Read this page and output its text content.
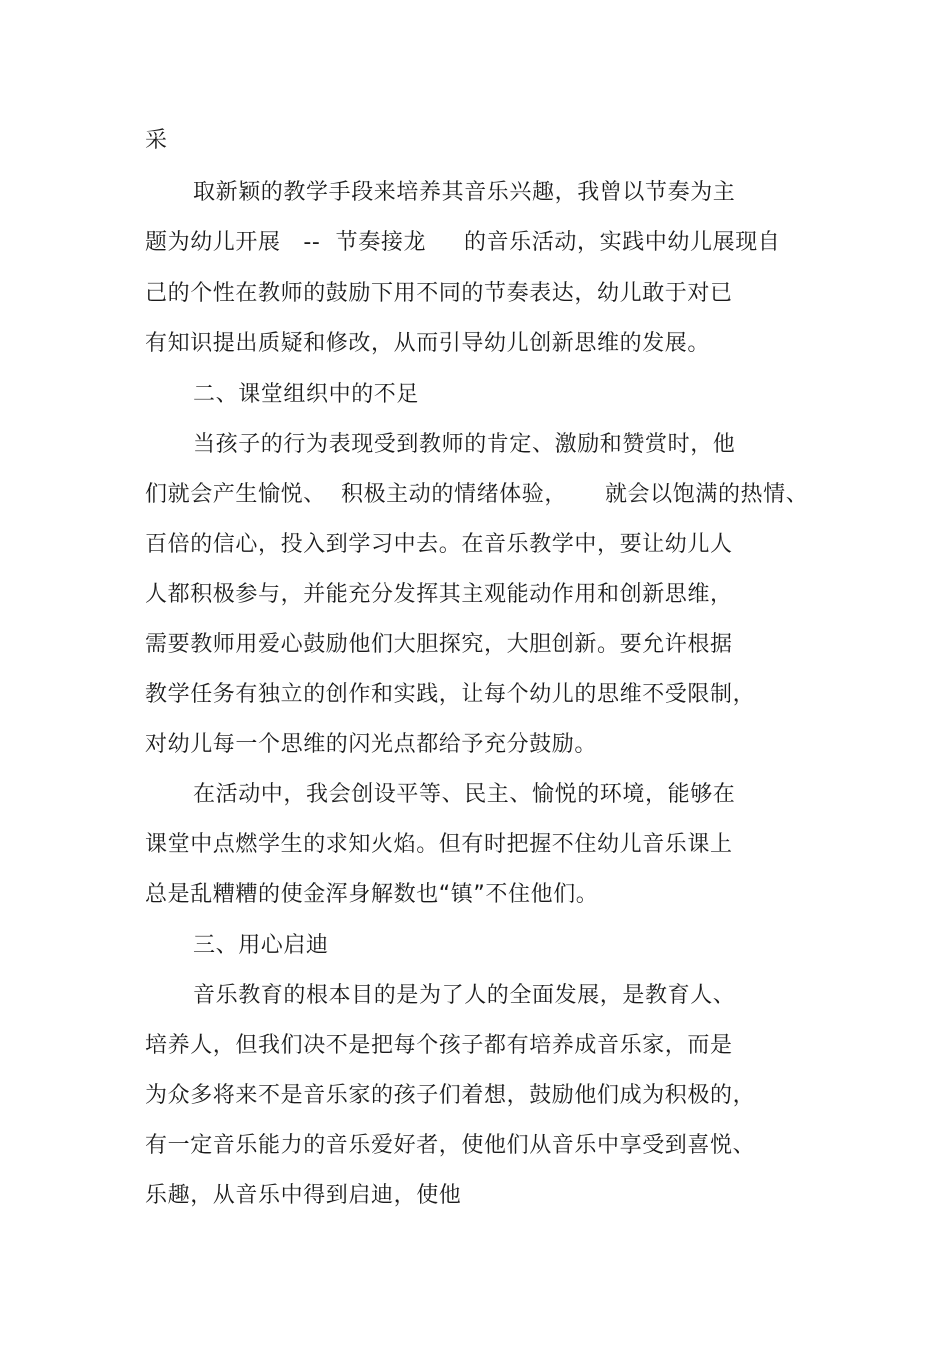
采
取新颖的教学手段来培养其音乐兴趣，我曾以节奏为主
题为幼儿开展   --  节奏接龙     的音乐活动，实践中幼儿展现自
己的个性在教师的鼓励下用不同的节奏表达，幼儿敢于对已
有知识提出质疑和修改，从而引导幼儿创新思维的发展。
二、课堂组织中的不足
当孩子的行为表现受到教师的肯定、激励和赞赏时，他
们就会产生愉悦、  积极主动的情绪体验，     就会以饱满的热情、
百倍的信心，投入到学习中去。在音乐教学中，要让幼儿人
人都积极参与，并能充分发挥其主观能动作用和创新思维，
需要教师用爱心鼓励他们大胆探究，大胆创新。要允许根据
教学任务有独立的创作和实践，让每个幼儿的思维不受限制，
对幼儿每一个思维的闪光点都给予充分鼓励。
在活动中，我会创设平等、民主、愉悦的环境，能够在
课堂中点燃学生的求知火焰。但有时把握不住幼儿音乐课上
总是乱糟糟的使金浑身解数也“镇”不住他们。
三、用心启迪
音乐教育的根本目的是为了人的全面发展，是教育人、
培养人，但我们决不是把每个孩子都有培养成音乐家，而是
为众多将来不是音乐家的孩子们着想，鼓励他们成为积极的，
有一定音乐能力的音乐爱好者，使他们从音乐中享受到喜悦、
乐趣，从音乐中得到启迪，使他
